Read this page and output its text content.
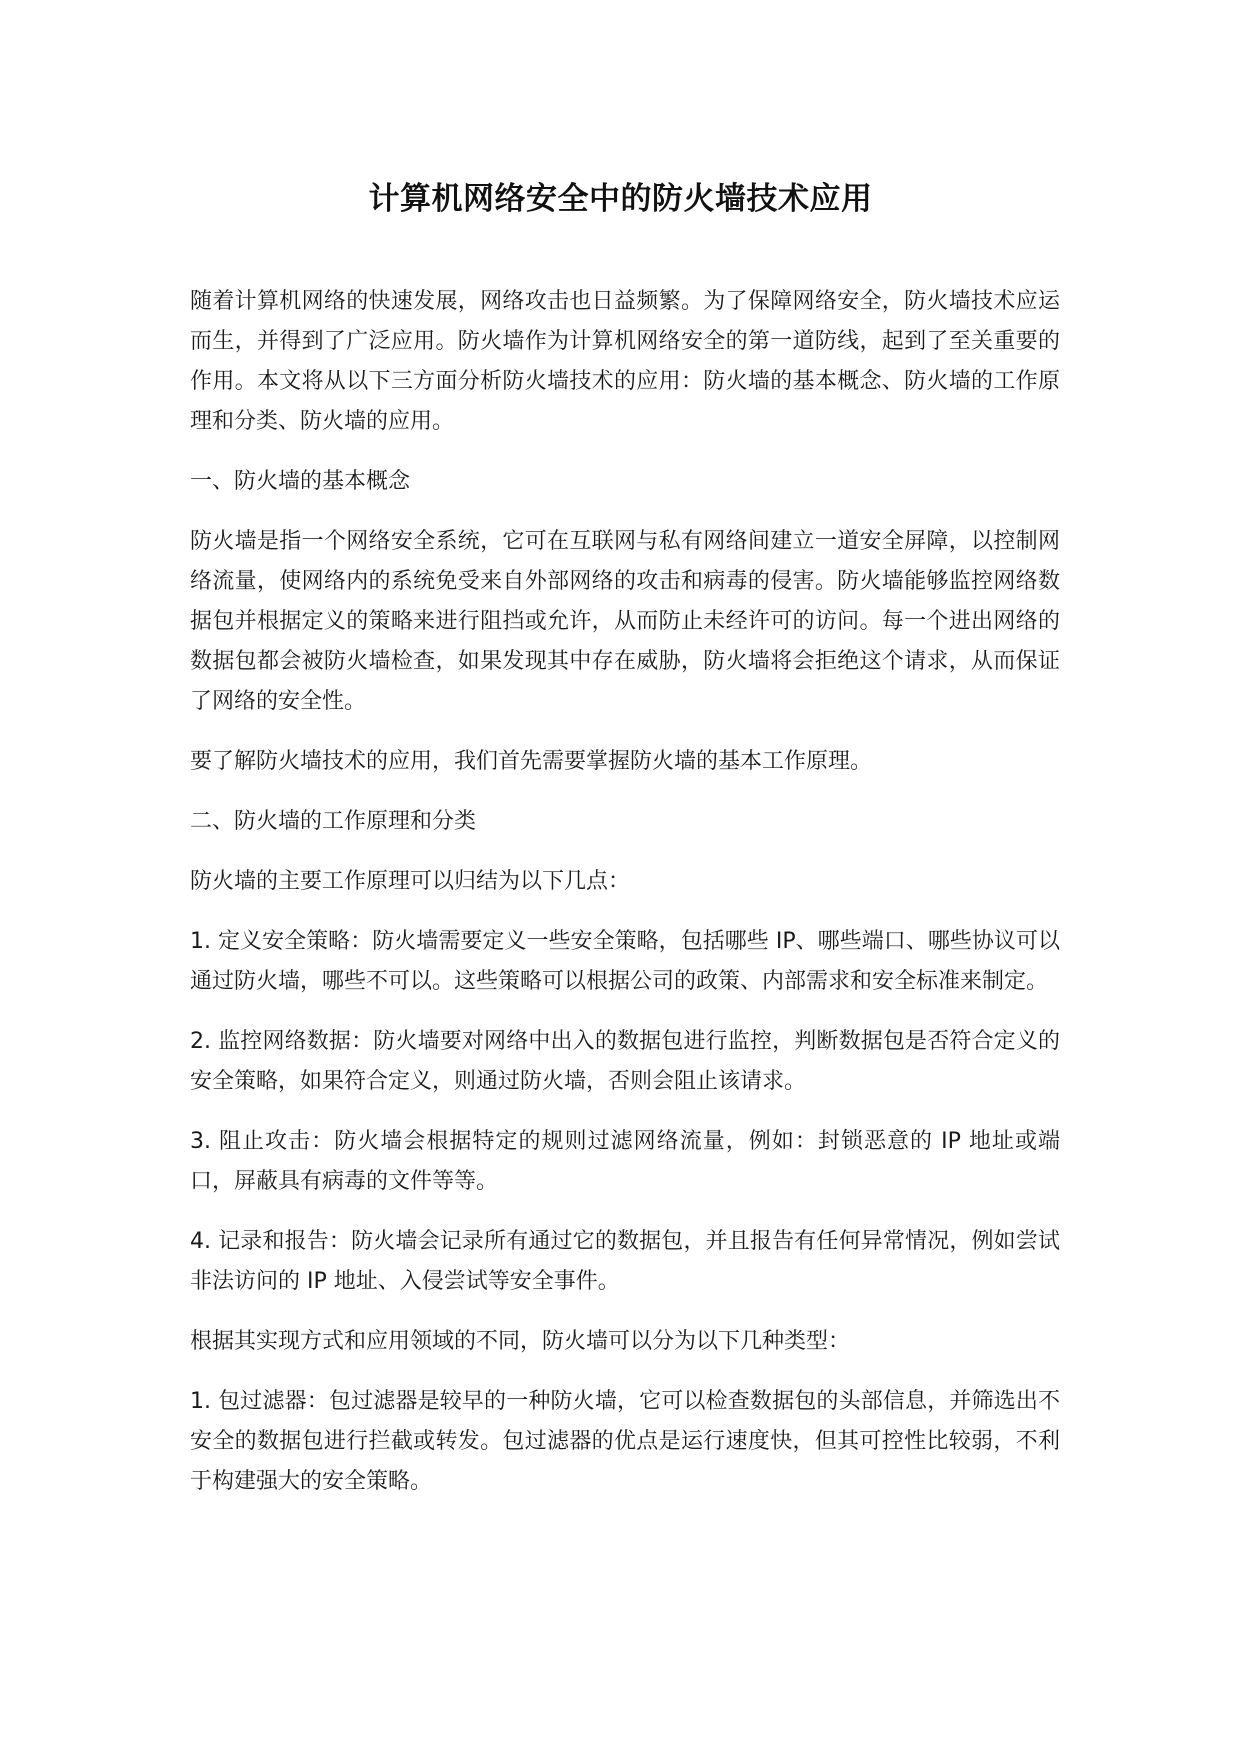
计算机网络安全中的防火墙技术应用

随着计算机网络的快速发展，网络攻击也日益频繁。为了保障网络安全，防火墙技术应运而生，并得到了广泛应用。防火墙作为计算机网络安全的第一道防线，起到了至关重要的作用。本文将从以下三方面分析防火墙技术的应用：防火墙的基本概念、防火墙的工作原理和分类、防火墙的应用。

一、防火墙的基本概念

防火墙是指一个网络安全系统，它可在互联网与私有网络间建立一道安全屏障，以控制网络流量，使网络内的系统免受来自外部网络的攻击和病毒的侵害。防火墙能够监控网络数据包并根据定义的策略来进行阻挡或允许，从而防止未经许可的访问。每一个进出网络的数据包都会被防火墙检查，如果发现其中存在威胁，防火墙将会拒绝这个请求，从而保证了网络的安全性。

要了解防火墙技术的应用，我们首先需要掌握防火墙的基本工作原理。

二、防火墙的工作原理和分类

防火墙的主要工作原理可以归结为以下几点：

1. 定义安全策略：防火墙需要定义一些安全策略，包括哪些 IP、哪些端口、哪些协议可以通过防火墙，哪些不可以。这些策略可以根据公司的政策、内部需求和安全标准来制定。

2. 监控网络数据：防火墙要对网络中出入的数据包进行监控，判断数据包是否符合定义的安全策略，如果符合定义，则通过防火墙，否则会阻止该请求。

3. 阻止攻击：防火墙会根据特定的规则过滤网络流量，例如：封锁恶意的 IP 地址或端口，屏蔽具有病毒的文件等等。

4. 记录和报告：防火墙会记录所有通过它的数据包，并且报告有任何异常情况，例如尝试非法访问的 IP 地址、入侵尝试等安全事件。

根据其实现方式和应用领域的不同，防火墙可以分为以下几种类型：

1. 包过滤器：包过滤器是较早的一种防火墙，它可以检查数据包的头部信息，并筛选出不安全的数据包进行拦截或转发。包过滤器的优点是运行速度快，但其可控性比较弱，不利于构建强大的安全策略。
